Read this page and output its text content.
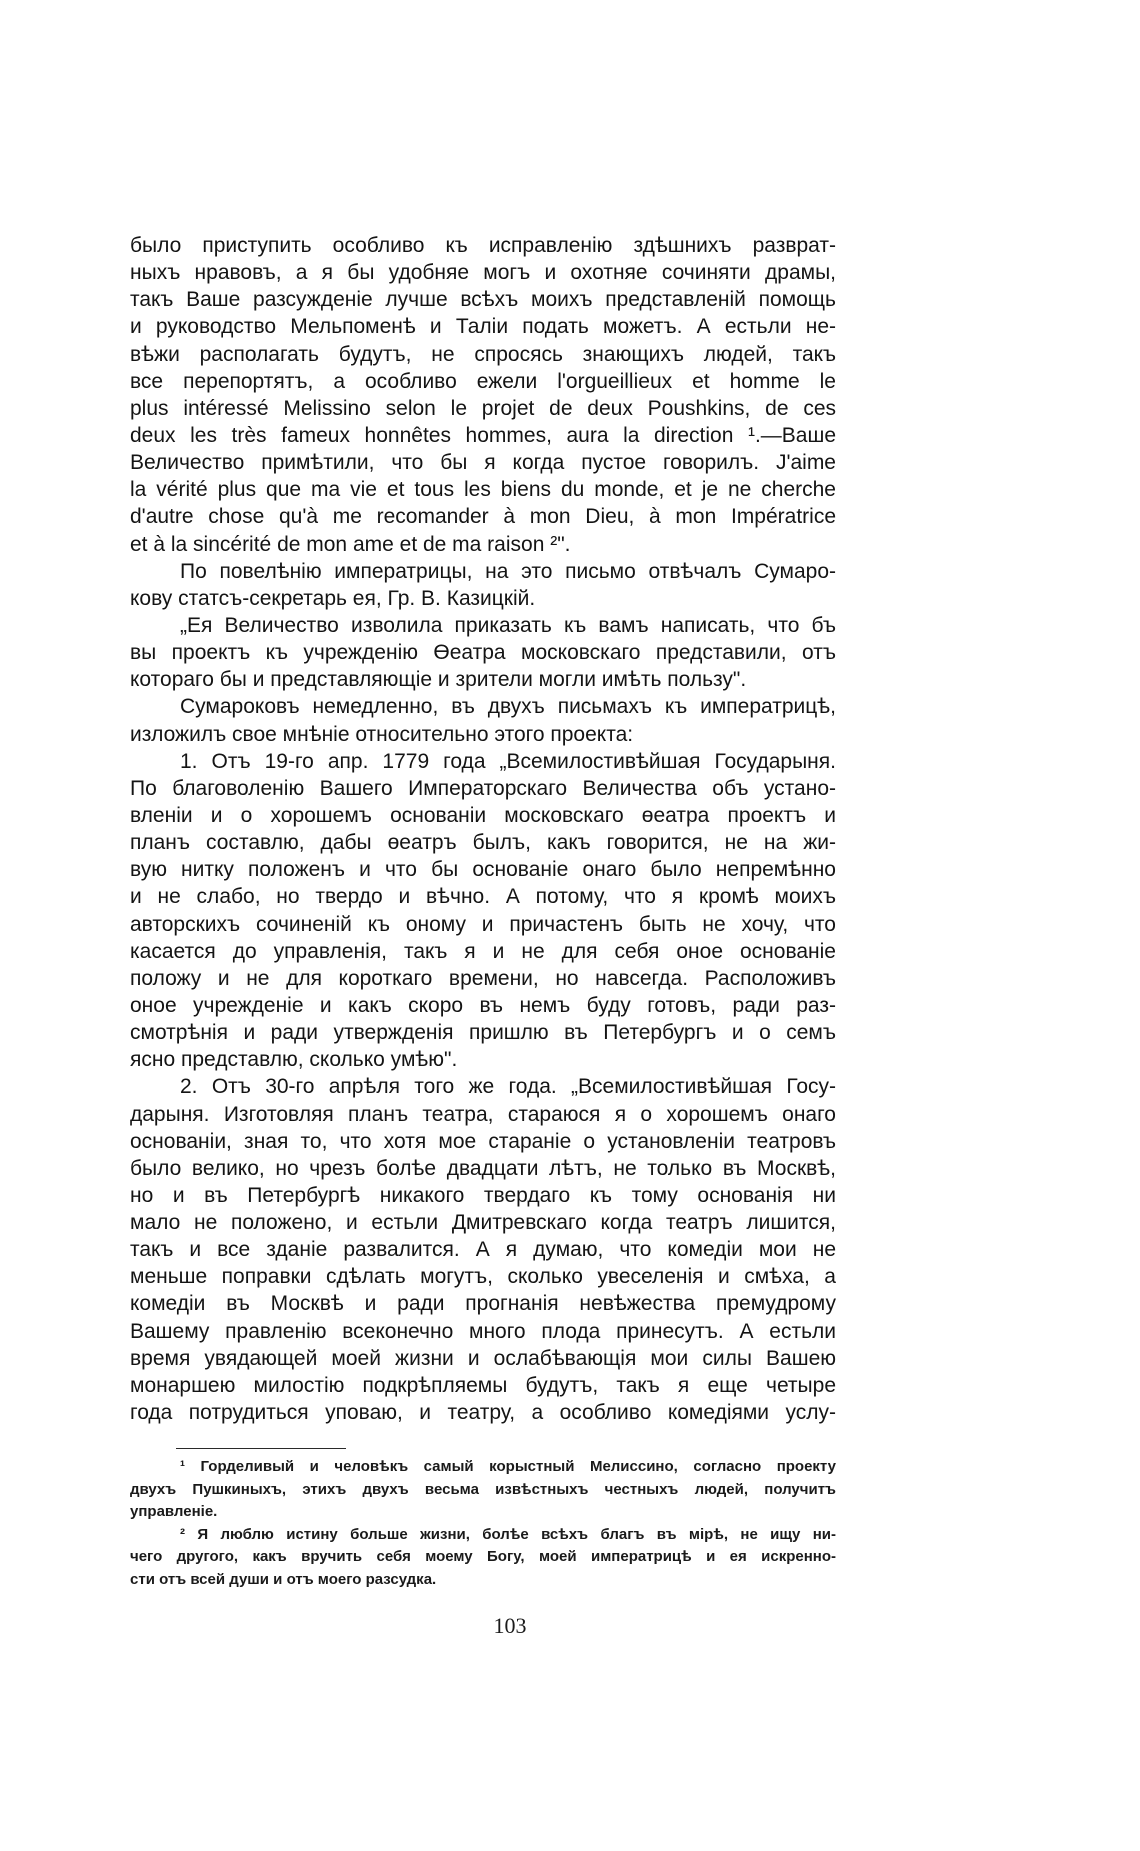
было приступить особливо къ исправленію здѣшнихъ разврат-
ныхъ нравовъ, а я бы удобняе могъ и охотняе сочиняти драмы,
такъ Ваше разсужденіе лучше всѣхъ моихъ представленій помощь
и руководство Мельпоменѣ и Таліи подать можетъ. А естьли не-
вѣжи располагать будутъ, не спросясь знающихъ людей, такъ
все перепортятъ, а особливо ежели l'orgueillieux et homme le
plus intéressé Melissino selon le projet de deux Poushkins, de ces
deux les très fameux honnêtes hommes, aura la direction ¹.—Ваше
Величество примѣтили, что бы я когда пустое говорилъ. J'aime
la vérité plus que ma vie et tous les biens du monde, et je ne cherche
d'autre chose qu'à me recomander à mon Dieu, à mon Impératrice
et à la sincérité de mon ame et de ma raison ²".
По повелѣнію императрицы, на это письмо отвѣчалъ Сумаро-
кову статсъ-секретарь ея, Гр. В. Казицкій.
„Ея Величество изволила приказать къ вамъ написать, что бъ
вы проектъ къ учрежденію Өеатра московскаго представили, отъ
котораго бы и представляющіе и зрители могли имѣть пользу".
Сумароковъ немедленно, въ двухъ письмахъ къ императрицѣ,
изложилъ свое мнѣніе относительно этого проекта:
1. Отъ 19-го апр. 1779 года „Всемилостивѣйшая Государыня.
По благоволенію Вашего Императорскаго Величества объ устано-
вленіи и о хорошемъ основаніи московскаго өеатра проектъ и
планъ составлю, дабы өеатръ былъ, какъ говорится, не на жи-
вую нитку положенъ и что бы основаніе онаго было непремѣнно
и не слабо, но твердо и вѣчно. А потому, что я кромѣ моихъ
авторскихъ сочиненій къ оному и причастенъ быть не хочу, что
касается до управленія, такъ я и не для себя оное основаніе
положу и не для короткаго времени, но навсегда. Расположивъ
оное учрежденіе и какъ скоро въ немъ буду готовъ, ради раз-
смотрѣнія и ради утвержденія пришлю въ Петербургъ и о семъ
ясно представлю, сколько умѣю".
2. Отъ 30-го апрѣля того же года. „Всемилостивѣйшая Госу-
дарыня. Изготовляя планъ театра, стараюся я о хорошемъ онаго
основаніи, зная то, что хотя мое стараніе о установленіи театровъ
было велико, но чрезъ болѣе двадцати лѣтъ, не только въ Москвѣ,
но и въ Петербургѣ никакого твердаго къ тому основанія ни
мало не положено, и естьли Дмитревскаго когда театръ лишится,
такъ и все зданіе развалится. А я думаю, что комедіи мои не
меньше поправки сдѣлать могутъ, сколько увеселенія и смѣха, а
комедіи въ Москвѣ и ради прогнанія невѣжества премудрому
Вашему правленію всеконечно много плода принесутъ. А естьли
время увядающей моей жизни и ослабѣвающія мои силы Вашею
монаршею милостію подкрѣпляемы будутъ, такъ я еще четыре
года потрудиться уповаю, и театру, а особливо комедіями услу-
¹ Горделивый и человѣкъ самый корыстный Мелиссино, согласно проекту
двухъ Пушкиныхъ, этихъ двухъ весьма извѣстныхъ честныхъ людей, получитъ
управленіе.
² Я люблю истину больше жизни, болѣе всѣхъ благъ въ мірѣ, не ищу ни-
чего другого, какъ вручить себя моему Богу, моей императрицѣ и ея искренно-
сти отъ всей души и отъ моего разсудка.
103
